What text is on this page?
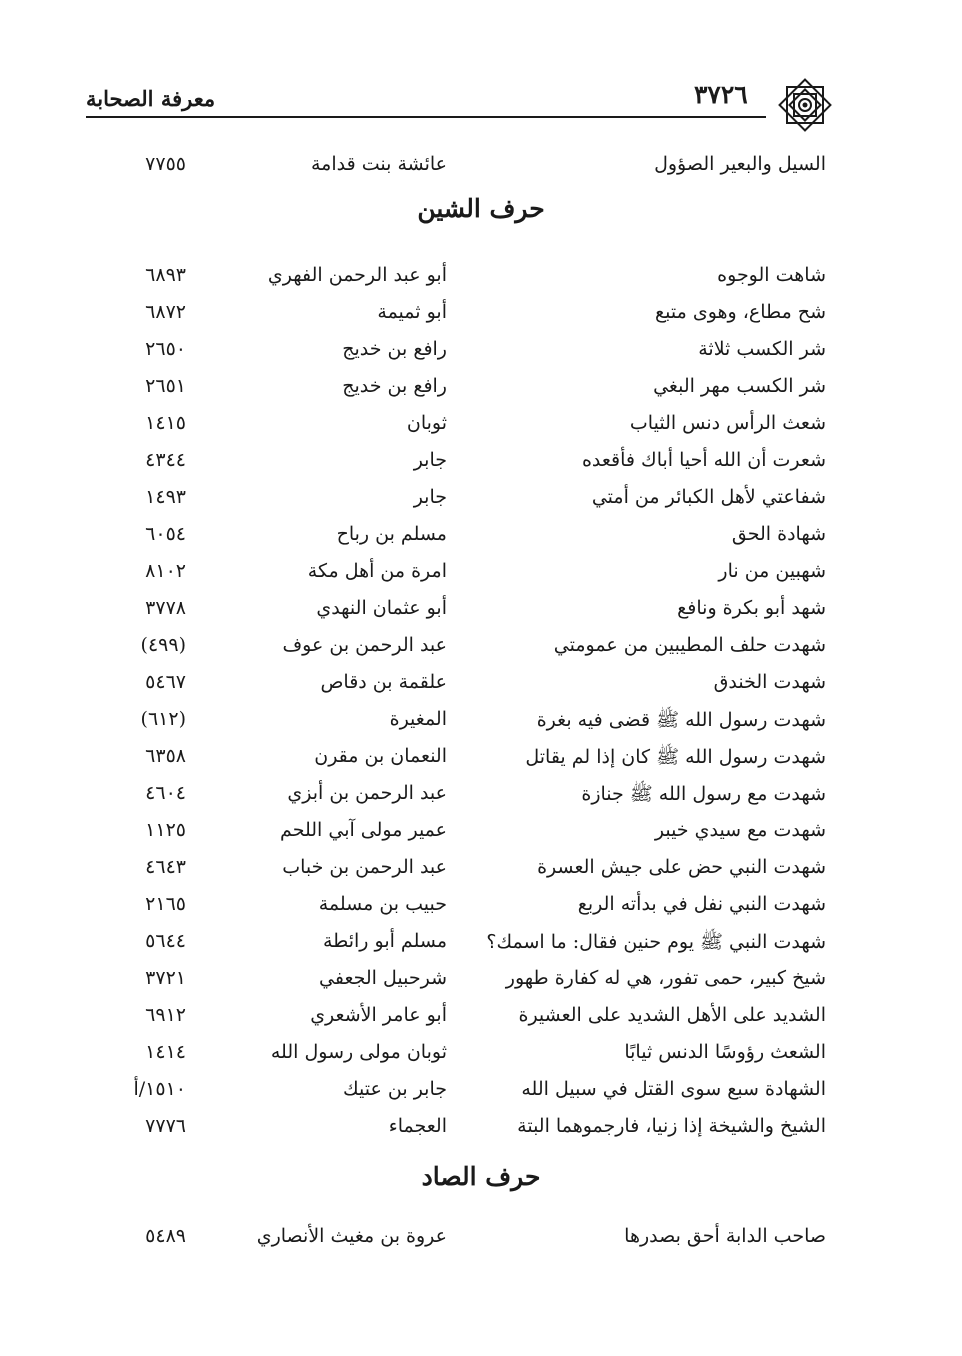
معرفة الصحابة	٣٧٢٦
السيل والبعير الصؤول
عائشة بنت قدامة
٧٧٥٥
حرف الشين
شاهت الوجوه
أبو عبد الرحمن الفهري
٦٨٩٣
شح مطاع، وهوى متبع
أبو ثميمة
٦٨٧٢
شر الكسب ثلاثة
رافع بن خديج
٢٦٥٠
شر الكسب مهر البغي
رافع بن خديج
٢٦٥١
شعث الرأس دنس الثياب
ثوبان
١٤١٥
شعرت أن الله أحيا أباك فأقعده
جابر
٤٣٤٤
شفاعتي لأهل الكبائر من أمتي
جابر
١٤٩٣
شهادة الحق
مسلم بن رباح
٦٠٥٤
شهبين من نار
امرة من أهل مكة
٨١٠٢
شهد أبو بكرة ونافع
أبو عثمان النهدي
٣٧٧٨
شهدت حلف المطيبين من عمومتي
عبد الرحمن بن عوف
(٤٩٩)
شهدت الخندق
علقمة بن دقاص
٥٤٦٧
شهدت رسول الله ﷺ قضى فيه بغرة
المغيرة
(٦١٢)
شهدت رسول الله ﷺ كان إذا لم يقاتل
النعمان بن مقرن
٦٣٥٨
شهدت مع رسول الله ﷺ جنازة
عبد الرحمن بن أبزي
٤٦٠٤
شهدت مع سيدي خيبر
عمير مولى آبي اللحم
١١٢٥
شهدت النبي حض على جيش العسرة
عبد الرحمن بن خباب
٤٦٤٣
شهدت النبي نفل في بدأته الربع
حبيب بن مسلمة
٢١٦٥
شهدت النبي ﷺ يوم حنين فقال: ما اسمك؟
مسلم أبو رائطة
٥٦٤٤
شيخ كبير، حمى تفور، هي له كفارة طهور
شرحبيل الجعفي
٣٧٢١
الشديد على الأهل الشديد على العشيرة
أبو عامر الأشعري
٦٩١٢
الشعث رؤوسًا الدنس ثيابًا
ثوبان مولى رسول الله
١٤١٤
الشهادة سبع سوى القتل في سبيل الله
جابر بن عتيك
١٥١٠/أ
الشيخ والشيخة إذا زنيا، فارجموهما البتة
العجماء
٧٧٧٦
حرف الصاد
صاحب الدابة أحق بصدرها
عروة بن مغيث الأنصاري
٥٤٨٩
